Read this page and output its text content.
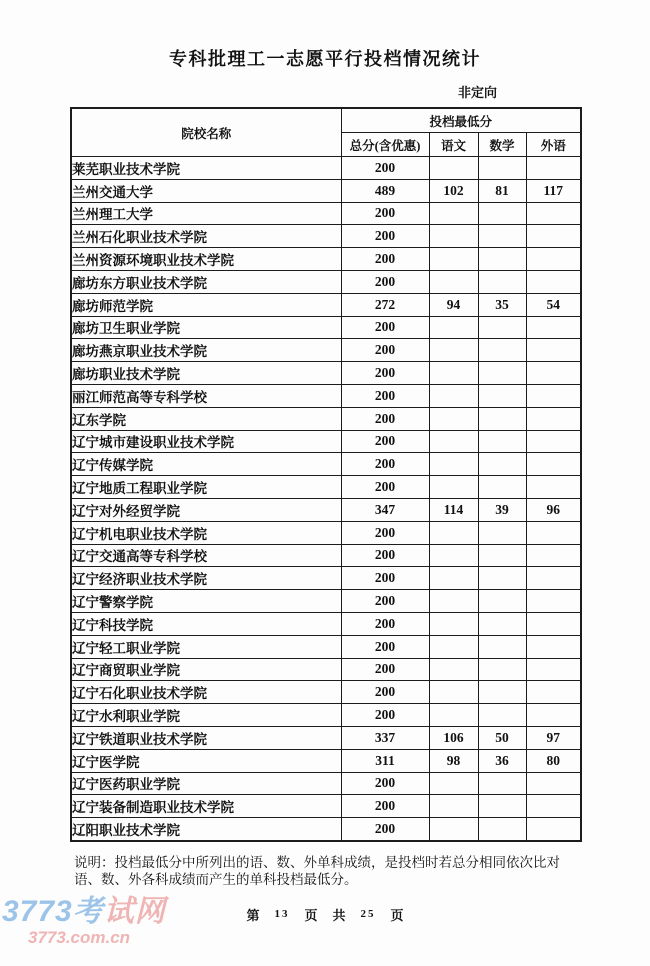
专科批理工一志愿平行投档情况统计
非定向
院校名称	投档最低分			
	总分(含优惠)	语文	数学	外语
莱芜职业技术学院	200			
兰州交通大学	489	102	81	117
兰州理工大学	200			
兰州石化职业技术学院	200			
兰州资源环境职业技术学院	200			
廊坊东方职业技术学院	200			
廊坊师范学院	272	94	35	54
廊坊卫生职业学院	200			
廊坊燕京职业技术学院	200			
廊坊职业技术学院	200			
丽江师范高等专科学校	200			
辽东学院	200			
辽宁城市建设职业技术学院	200			
辽宁传媒学院	200			
辽宁地质工程职业学院	200			
辽宁对外经贸学院	347	114	39	96
辽宁机电职业技术学院	200			
辽宁交通高等专科学校	200			
辽宁经济职业技术学院	200			
辽宁警察学院	200			
辽宁科技学院	200			
辽宁轻工职业学院	200			
辽宁商贸职业学院	200			
辽宁石化职业技术学院	200			
辽宁水利职业学院	200			
辽宁铁道职业技术学院	337	106	50	97
辽宁医学院	311	98	36	80
辽宁医药职业学院	200			
辽宁装备制造职业技术学院	200			
辽阳职业技术学院	200			
说明：投档最低分中所列出的语、数、外单科成绩，是投档时若总分相同依次比对语、数、外各科成绩而产生的单科投档最低分。
第 13 页 共 25 页
3773考试网
3773.com.cn
